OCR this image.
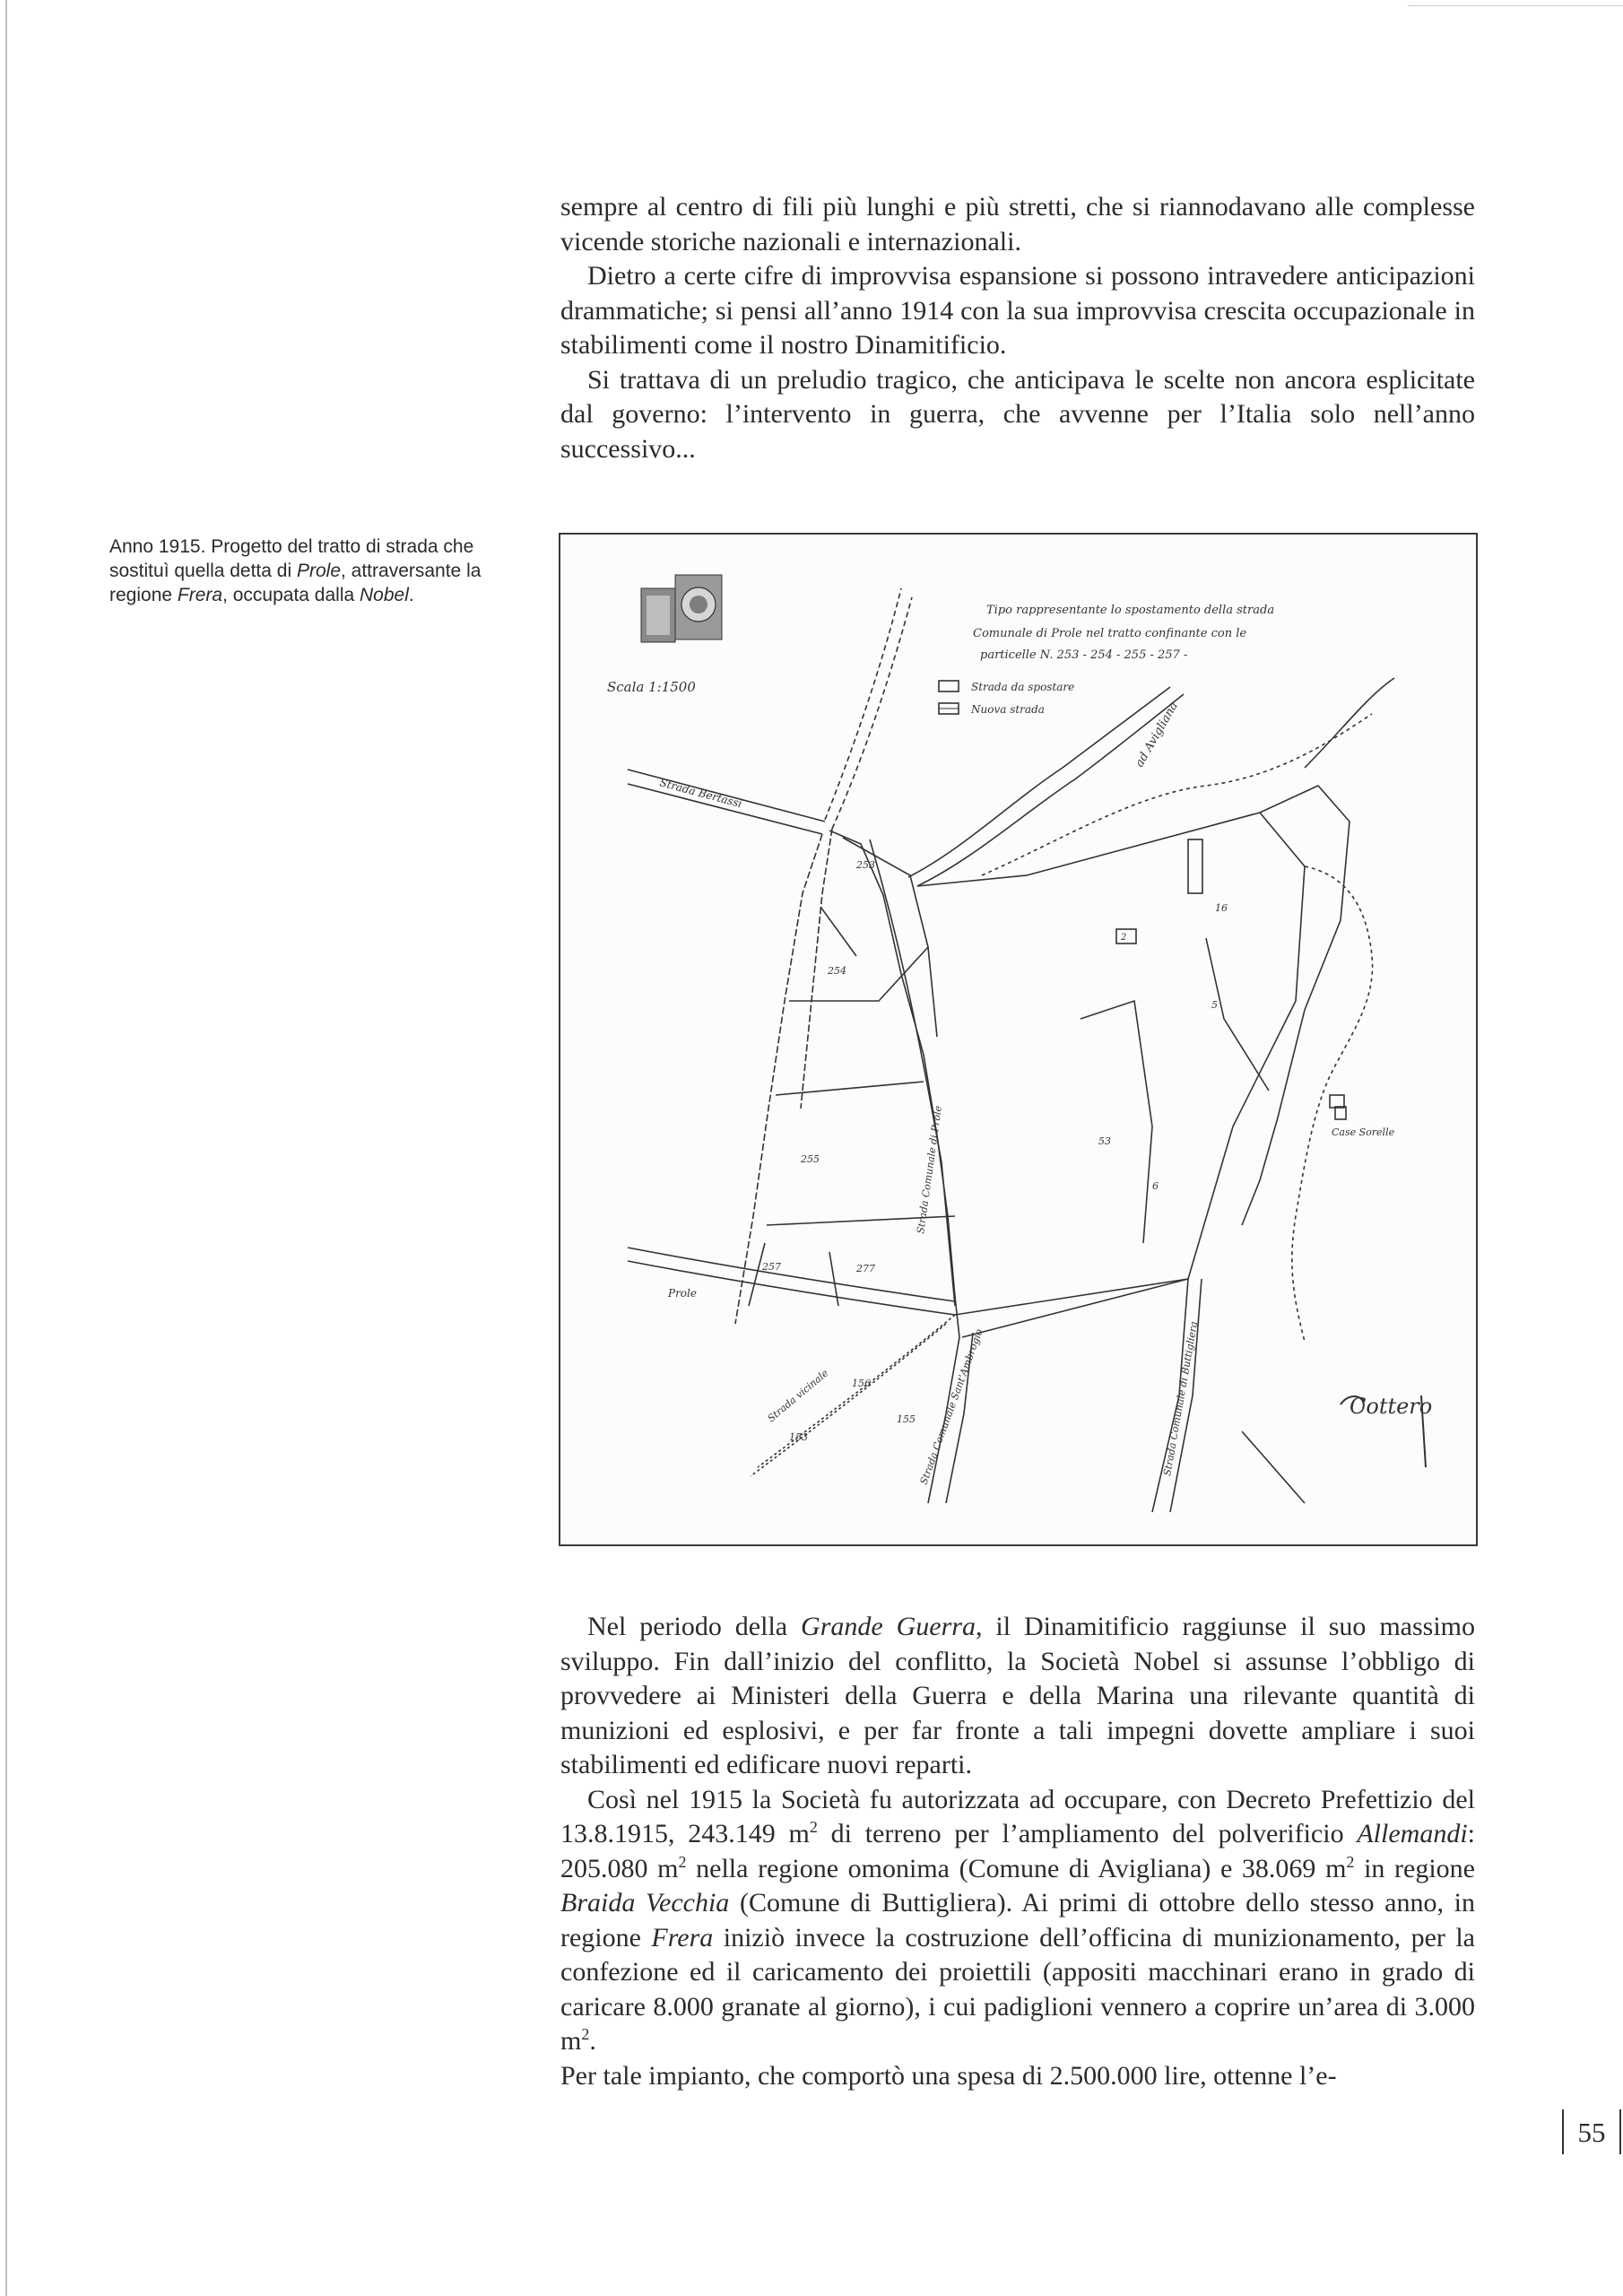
sempre al centro di fili più lunghi e più stretti, che si riannodavano alle complesse vicende storiche nazionali e internazionali.

Dietro a certe cifre di improvvisa espansione si possono intravedere anticipazioni drammatiche; si pensi all’anno 1914 con la sua improvvisa crescita occupazionale in stabilimenti come il nostro Dinamitificio.

Si trattava di un preludio tragico, che anticipava le scelte non ancora esplicitate dal governo: l’intervento in guerra, che avvenne per l’Italia solo nell’anno successivo...

Anno 1915. Progetto del tratto di strada che sostituì quella detta di Prole, attraversante la regione Frera, occupata dalla Nobel.
Tipo rappresentante lo spostamento della strada
Comunale di Prole nel tratto confinante con le
particelle N. 253 - 254 - 255 - 257 -
Scala 1:1500	Strada da spostare
Nuova strada
Strada Bertassi
Strada Comunale di Prole
ad Avigliana
Case Sorelle
Prole
Strada vicinale	Strada Comunale Sant'Ambrogio	Strada Comunale di Buttigliera
253
254
255
257	277
16
2
5
53
6
156
155
153
Cottero

Nel periodo della Grande Guerra, il Dinamitificio raggiunse il suo massimo sviluppo. Fin dall’inizio del conflitto, la Società Nobel si assunse l’obbligo di provvedere ai Ministeri della Guerra e della Marina una rilevante quantità di munizioni ed esplosivi, e per far fronte a tali impegni dovette ampliare i suoi stabilimenti ed edificare nuovi reparti.

Così nel 1915 la Società fu autorizzata ad occupare, con Decreto Prefettizio del 13.8.1915, 243.149 $m^2$ di terreno per l’ampliamento del polverificio Allemandi: 205.080 $m^2$ nella regione omonima (Comune di Avigliana) e 38.069 $m^2$ in regione Braida Vecchia (Comune di Buttigliera). Ai primi di ottobre dello stesso anno, in regione Frera iniziò invece la costruzione dell’officina di munizionamento, per la confezione ed il caricamento dei proiettili (appositi macchinari erano in grado di caricare 8.000 granate al giorno), i cui padiglioni vennero a coprire un’area di 3.000 $m^2$.

Per tale impianto, che comportò una spesa di 2.500.000 lire, ottenne l’e-

55
